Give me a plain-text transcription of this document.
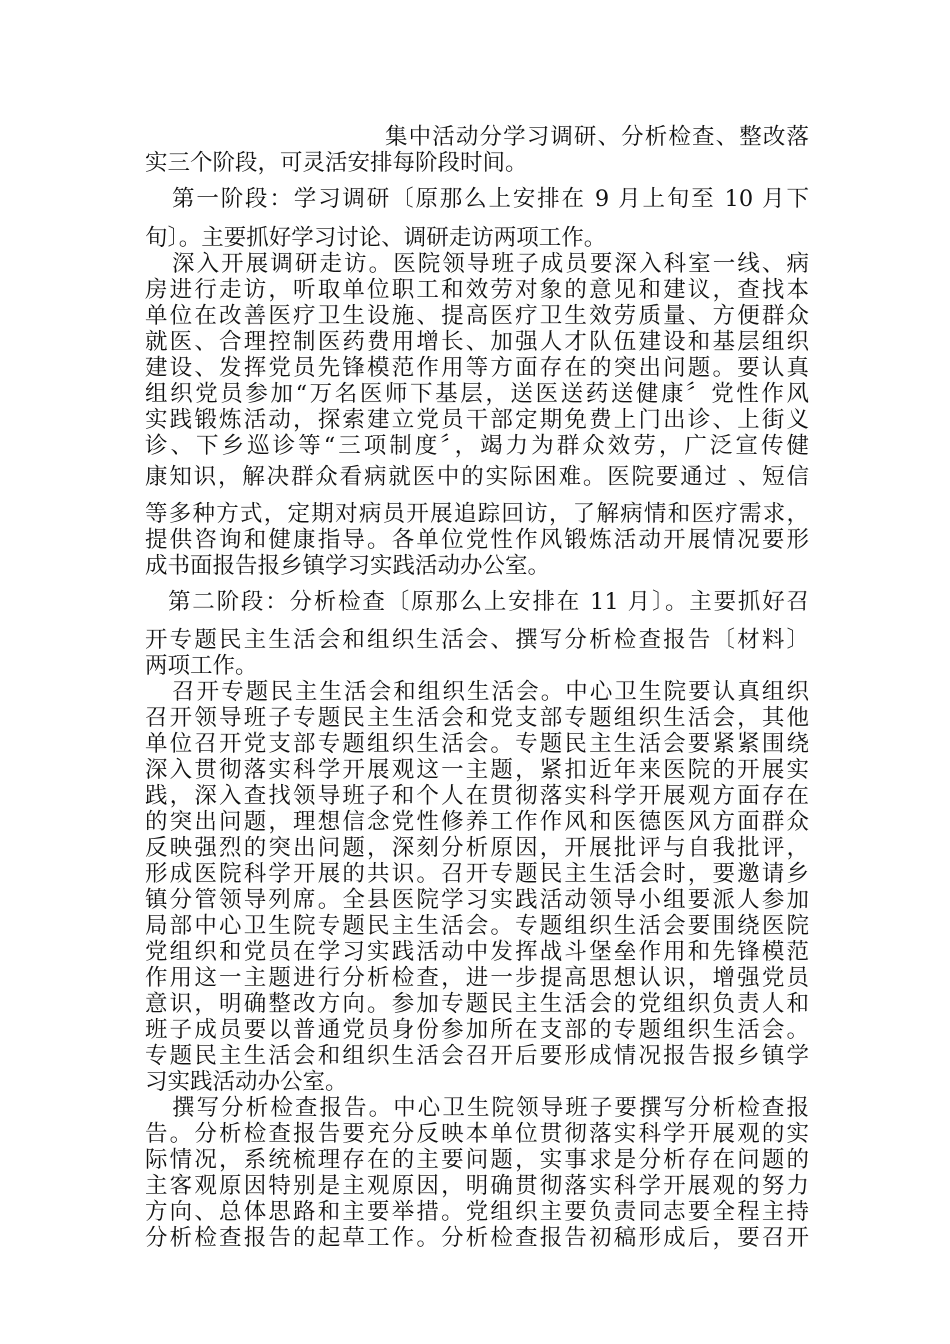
集中活动分学习调研、分析检查、整改落
实三个阶段，可灵活安排每阶段时间。
第一阶段：学习调研〔原那么上安排在 9 月上旬至 10 月下
旬〕。主要抓好学习讨论、调研走访两项工作。
深入开展调研走访。医院领导班子成员要深入科室一线、病
房进行走访，听取单位职工和效劳对象的意见和建议，查找本
单位在改善医疗卫生设施、提高医疗卫生效劳质量、方便群众
就医、合理控制医药费用增长、加强人才队伍建设和基层组织
建设、发挥党员先锋模范作用等方面存在的突出问题。要认真
组织党员参加“万名医师下基层，送医送药送健康〞党性作风
实践锻炼活动，探索建立党员干部定期免费上门出诊、上街义
诊、下乡巡诊等“三项制度〞，竭力为群众效劳，广泛宣传健
康知识，解决群众看病就医中的实际困难。医院要通过 、短信
等多种方式，定期对病员开展追踪回访，了解病情和医疗需求，
提供咨询和健康指导。各单位党性作风锻炼活动开展情况要形
成书面报告报乡镇学习实践活动办公室。
第二阶段：分析检查〔原那么上安排在 11 月〕。主要抓好召
开专题民主生活会和组织生活会、撰写分析检查报告〔材料〕
两项工作。
召开专题民主生活会和组织生活会。中心卫生院要认真组织
召开领导班子专题民主生活会和党支部专题组织生活会，其他
单位召开党支部专题组织生活会。专题民主生活会要紧紧围绕
深入贯彻落实科学开展观这一主题，紧扣近年来医院的开展实
践，深入查找领导班子和个人在贯彻落实科学开展观方面存在
的突出问题，理想信念党性修养工作作风和医德医风方面群众
反映强烈的突出问题，深刻分析原因，开展批评与自我批评，
形成医院科学开展的共识。召开专题民主生活会时，要邀请乡
镇分管领导列席。全县医院学习实践活动领导小组要派人参加
局部中心卫生院专题民主生活会。专题组织生活会要围绕医院
党组织和党员在学习实践活动中发挥战斗堡垒作用和先锋模范
作用这一主题进行分析检查，进一步提高思想认识，增强党员
意识，明确整改方向。参加专题民主生活会的党组织负责人和
班子成员要以普通党员身份参加所在支部的专题组织生活会。
专题民主生活会和组织生活会召开后要形成情况报告报乡镇学
习实践活动办公室。
撰写分析检查报告。中心卫生院领导班子要撰写分析检查报
告。分析检查报告要充分反映本单位贯彻落实科学开展观的实
际情况，系统梳理存在的主要问题，实事求是分析存在问题的
主客观原因特别是主观原因，明确贯彻落实科学开展观的努力
方向、总体思路和主要举措。党组织主要负责同志要全程主持
分析检查报告的起草工作。分析检查报告初稿形成后，要召开
